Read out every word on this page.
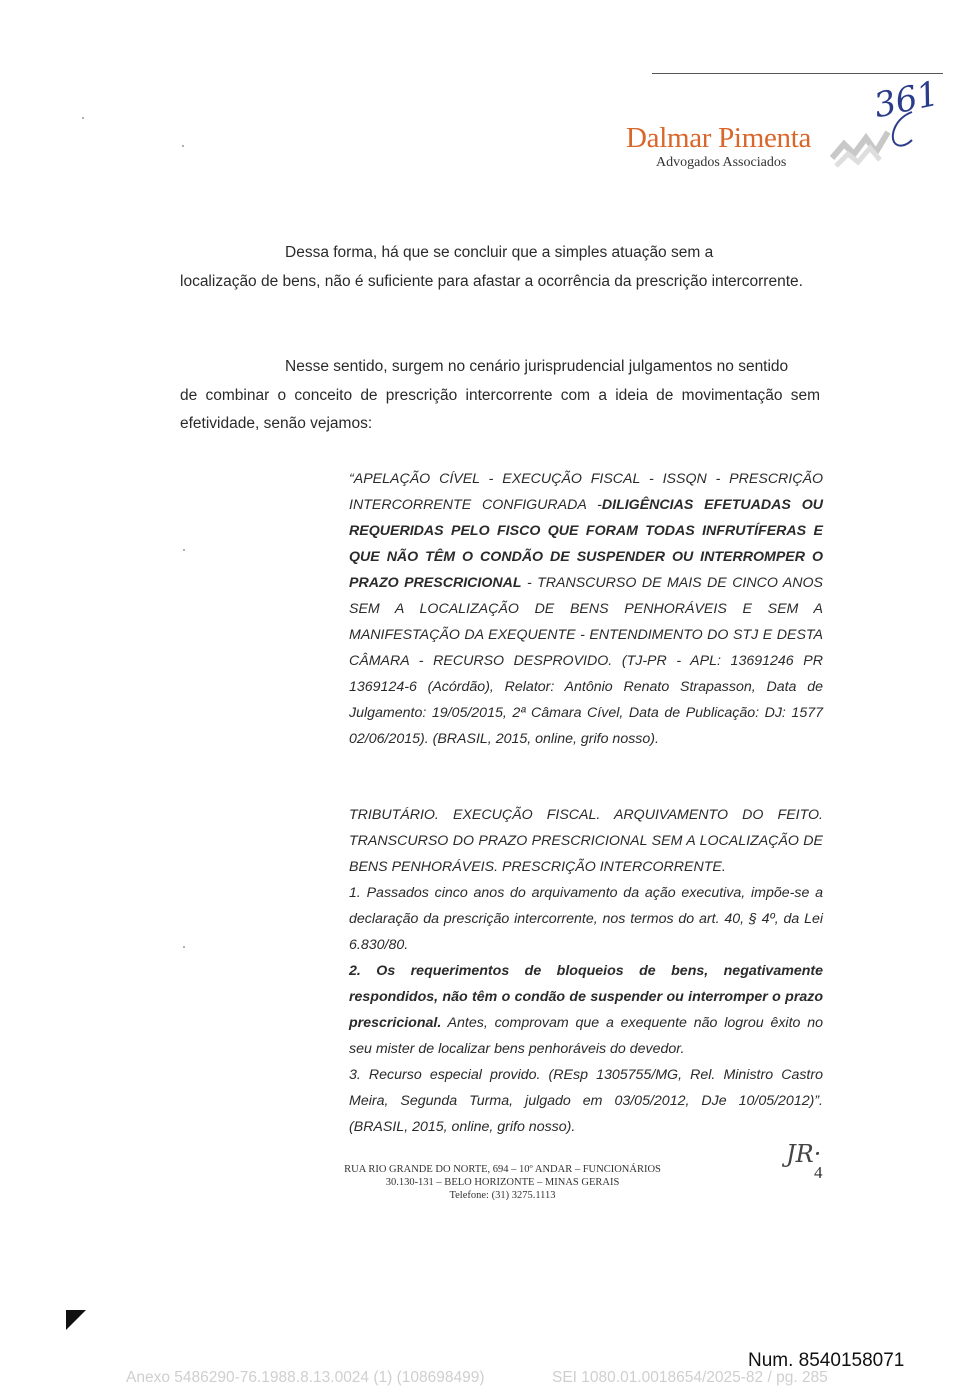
361
Dalmar Pimenta
Advogados Associados

Dessa forma, há que se concluir que a simples atuação sem a
localização de bens, não é suficiente para afastar a ocorrência da prescrição intercorrente.

Nesse sentido, surgem no cenário jurisprudencial julgamentos no sentido
de combinar o conceito de prescrição intercorrente com a ideia de movimentação sem efetividade, senão vejamos:

“APELAÇÃO CÍVEL - EXECUÇÃO FISCAL - ISSQN - PRESCRIÇÃO INTERCORRENTE CONFIGURADA -DILIGÊNCIAS EFETUADAS OU REQUERIDAS PELO FISCO QUE FORAM TODAS INFRUTÍFERAS E QUE NÃO TÊM O CONDÃO DE SUSPENDER OU INTERROMPER O PRAZO PRESCRICIONAL - TRANSCURSO DE MAIS DE CINCO ANOS SEM A LOCALIZAÇÃO DE BENS PENHORÁVEIS E SEM A MANIFESTAÇÃO DA EXEQUENTE - ENTENDIMENTO DO STJ E DESTA CÂMARA - RECURSO DESPROVIDO. (TJ-PR - APL: 13691246 PR 1369124-6 (Acórdão), Relator: Antônio Renato Strapasson, Data de Julgamento: 19/05/2015, 2ª Câmara Cível, Data de Publicação: DJ: 1577 02/06/2015). (BRASIL, 2015, online, grifo nosso).

TRIBUTÁRIO. EXECUÇÃO FISCAL. ARQUIVAMENTO DO FEITO. TRANSCURSO DO PRAZO PRESCRICIONAL SEM A LOCALIZAÇÃO DE BENS PENHORÁVEIS. PRESCRIÇÃO INTERCORRENTE.
1. Passados cinco anos do arquivamento da ação executiva, impõe-se a declaração da prescrição intercorrente, nos termos do art. 40, § 4º, da Lei 6.830/80.
2. Os requerimentos de bloqueios de bens, negativamente respondidos, não têm o condão de suspender ou interromper o prazo prescricional. Antes, comprovam que a exequente não logrou êxito no seu mister de localizar bens penhoráveis do devedor.
3. Recurso especial provido. (REsp 1305755/MG, Rel. Ministro Castro Meira, Segunda Turma, julgado em 03/05/2012, DJe 10/05/2012)”. (BRASIL, 2015, online, grifo nosso).

JR·
RUA RIO GRANDE DO NORTE, 694 – 10º ANDAR – FUNCIONÁRIOS
30.130-131 – BELO HORIZONTE – MINAS GERAIS
Telefone: (31) 3275.1113
4
Num. 8540158071
Anexo 5486290-76.1988.8.13.0024 (1) (108698499)	SEI 1080.01.0018654/2025-82 / pg. 285
